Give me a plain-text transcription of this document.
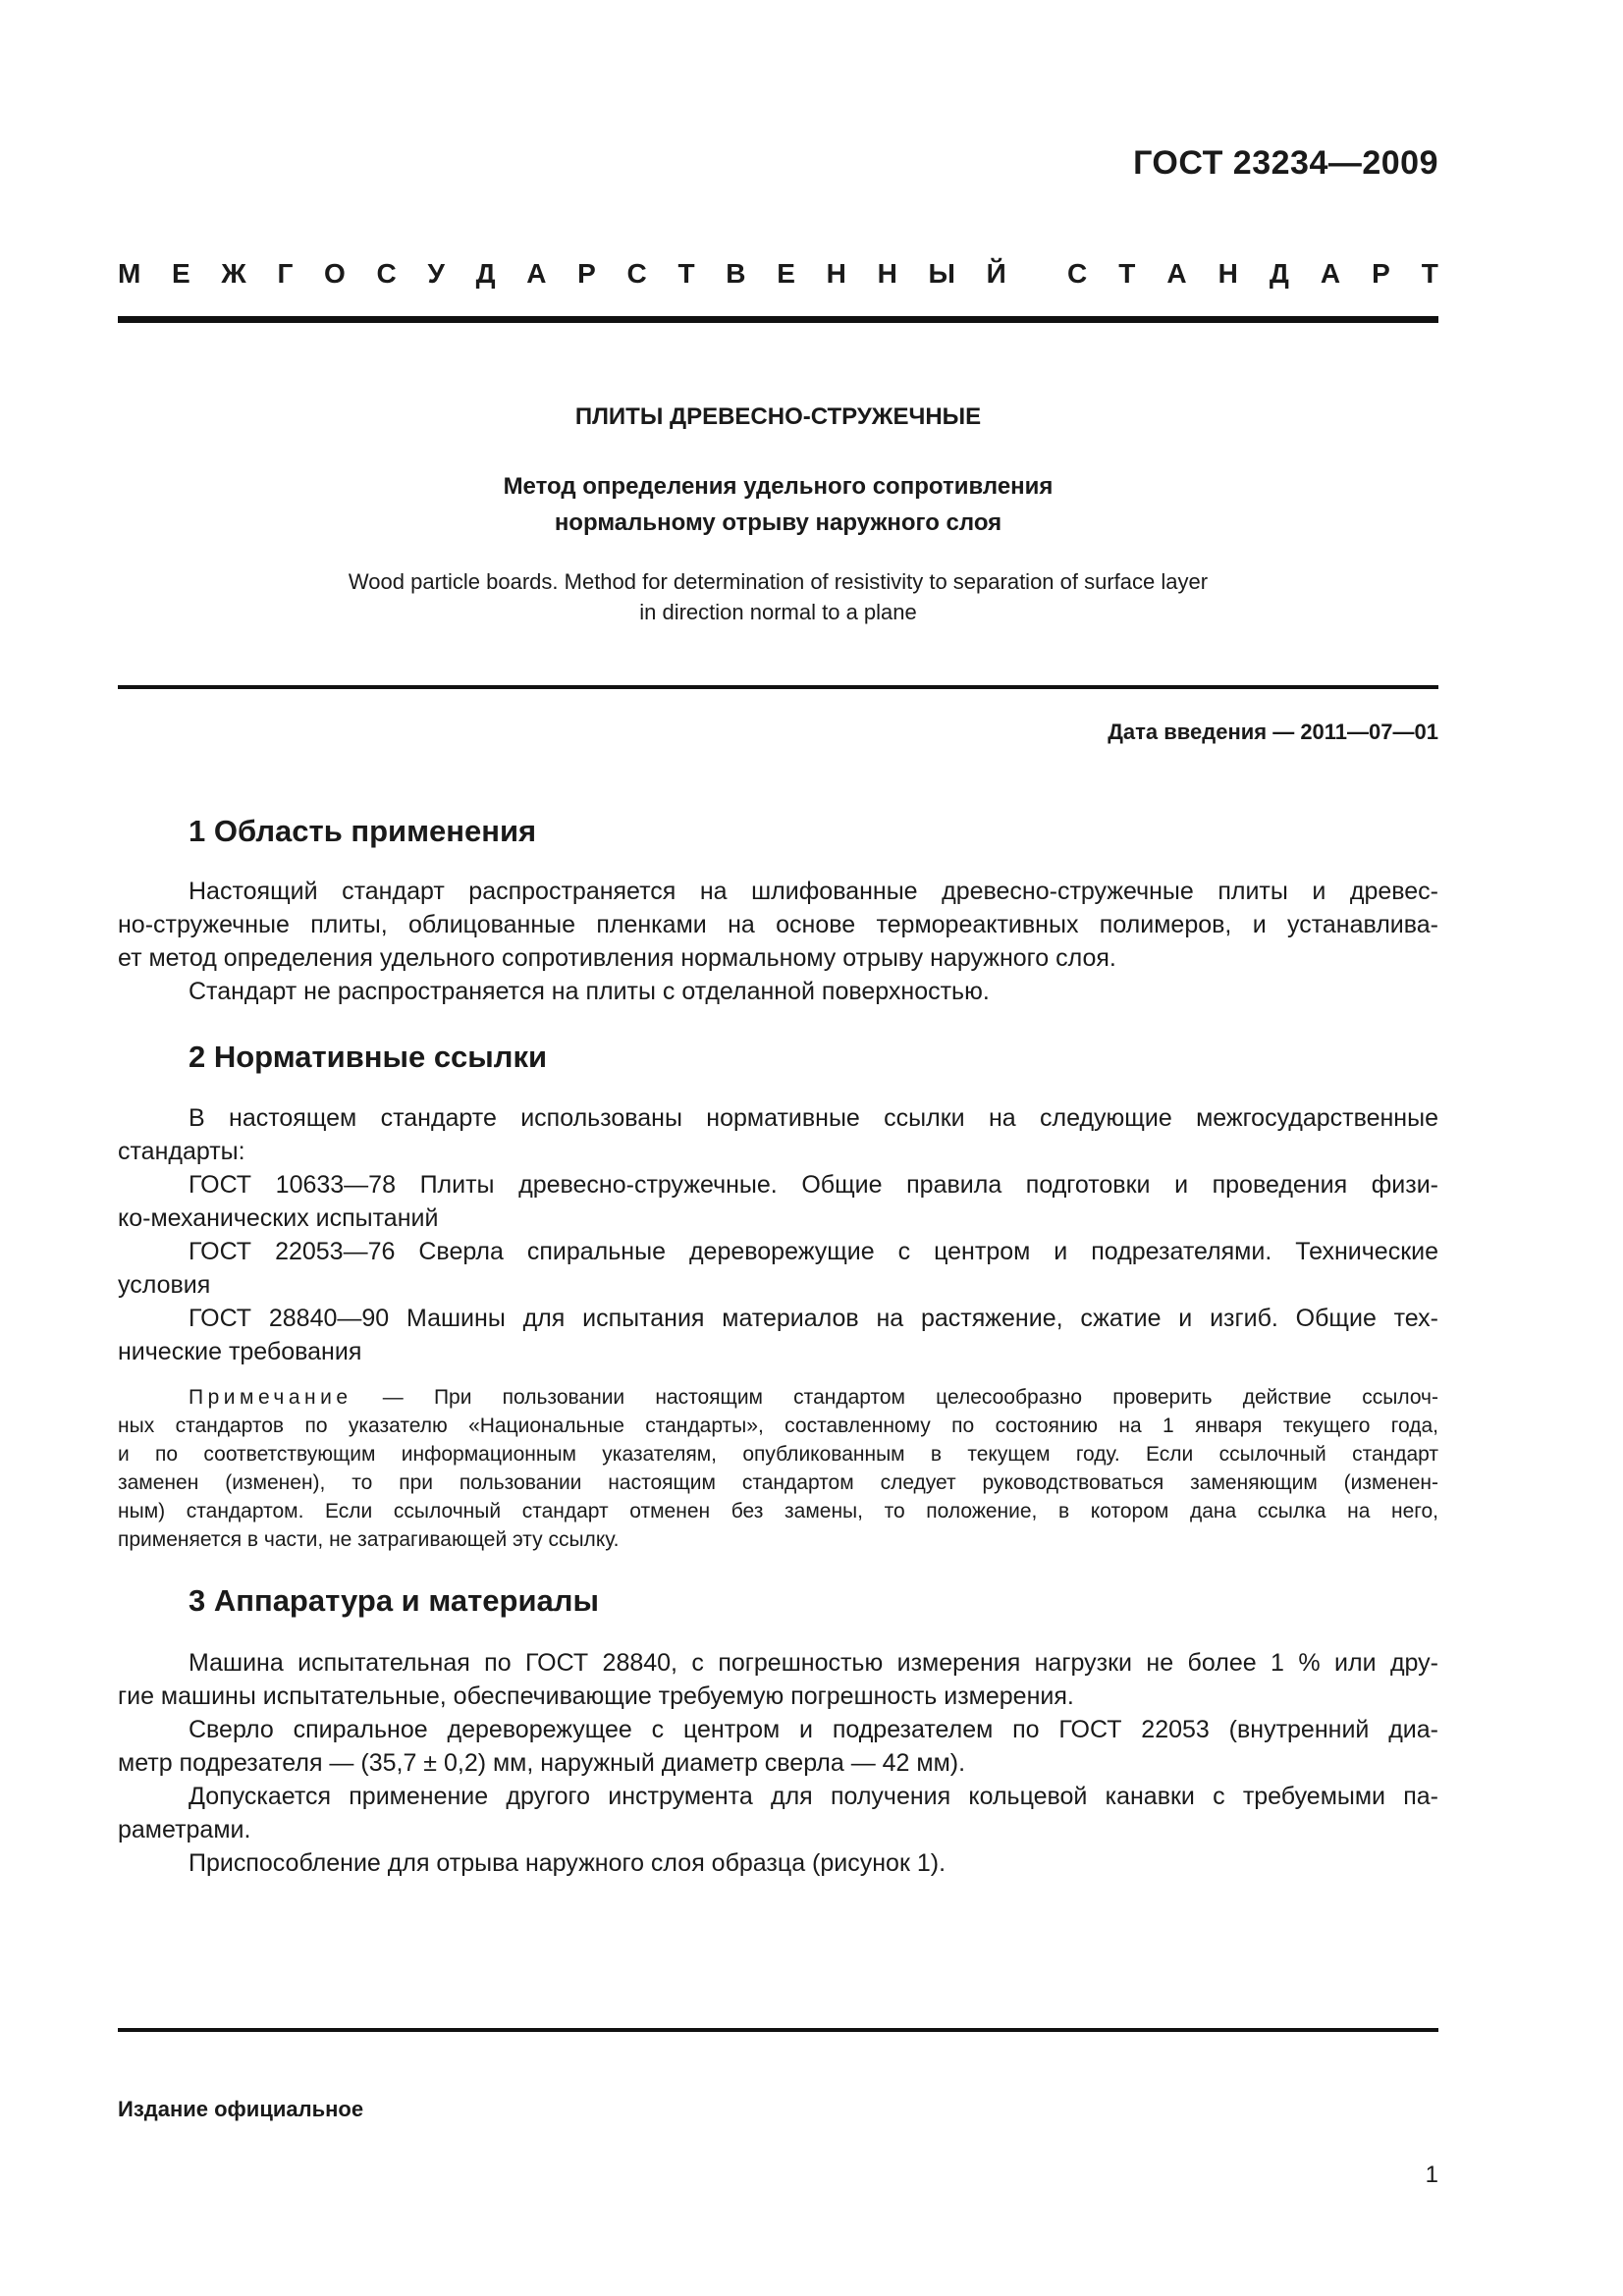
ГОСТ 23234—2009
М Е Ж Г О С У Д А Р С Т В Е Н Н Ы Й С Т А Н Д А Р Т
ПЛИТЫ ДРЕВЕСНО-СТРУЖЕЧНЫЕ
Метод определения удельного сопротивления
нормальному отрыву наружного слоя
Wood particle boards. Method for determination of resistivity to separation of surface layer
in direction normal to a plane
Дата введения — 2011—07—01
1 Область применения
Настоящий стандарт распространяется на шлифованные древесно-стружечные плиты и древес-
но-стружечные плиты, облицованные пленками на основе термореактивных полимеров, и устанавлива-
ет метод определения удельного сопротивления нормальному отрыву наружного слоя.
Стандарт не распространяется на плиты с отделанной поверхностью.
2 Нормативные ссылки
В настоящем стандарте использованы нормативные ссылки на следующие межгосударственные
стандарты:
ГОСТ 10633—78 Плиты древесно-стружечные. Общие правила подготовки и проведения физи-
ко-механических испытаний
ГОСТ 22053—76 Сверла спиральные дереворежущие с центром и подрезателями. Технические
условия
ГОСТ 28840—90 Машины для испытания материалов на растяжение, сжатие и изгиб. Общие тех-
нические требования
Примечание — При пользовании настоящим стандартом целесообразно проверить действие ссылоч-
ных стандартов по указателю «Национальные стандарты», составленному по состоянию на 1 января текущего года,
и по соответствующим информационным указателям, опубликованным в текущем году. Если ссылочный стандарт
заменен (изменен), то при пользовании настоящим стандартом следует руководствоваться заменяющим (изменен-
ным) стандартом. Если ссылочный стандарт отменен без замены, то положение, в котором дана ссылка на него,
применяется в части, не затрагивающей эту ссылку.
3 Аппаратура и материалы
Машина испытательная по ГОСТ 28840, с погрешностью измерения нагрузки не более 1 % или дру-
гие машины испытательные, обеспечивающие требуемую погрешность измерения.
Сверло спиральное дереворежущее с центром и подрезателем по ГОСТ 22053 (внутренний диа-
метр подрезателя — (35,7 ± 0,2) мм, наружный диаметр сверла — 42 мм).
Допускается применение другого инструмента для получения кольцевой канавки с требуемыми па-
раметрами.
Приспособление для отрыва наружного слоя образца (рисунок 1).
Издание официальное
1
